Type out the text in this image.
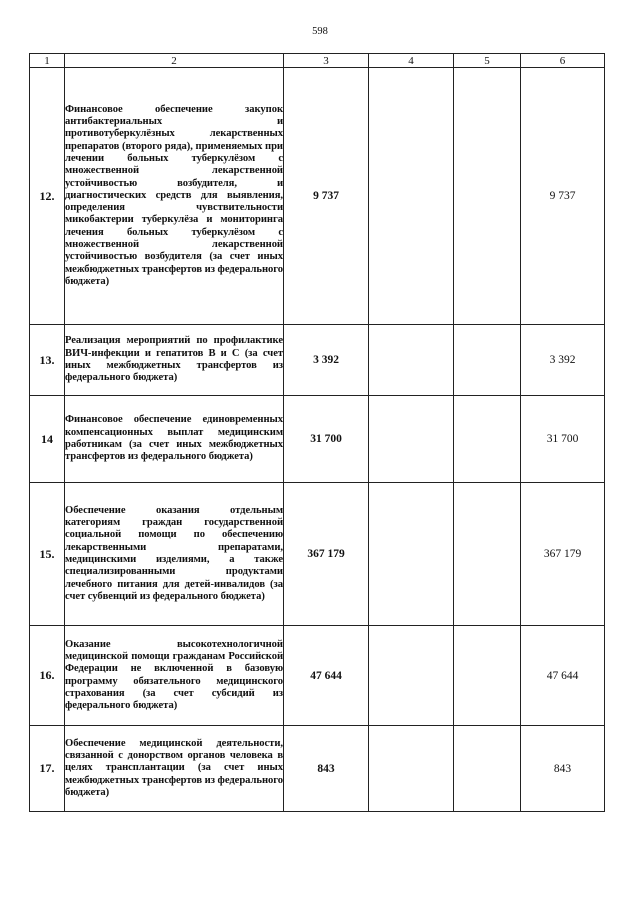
598
1	2	3	4	5	6
12.	Финансовое обеспечение закупок антибактериальных и противотуберкулёзных лекарственных препаратов (второго ряда), применяемых при лечении больных туберкулёзом с множественной лекарственной устойчивостью возбудителя, и диагностических средств для выявления, определения чувствительности микобактерии туберкулёза и мониторинга лечения больных туберкулёзом с множественной лекарственной устойчивостью возбудителя (за счет иных межбюджетных трансфертов из федерального бюджета)	9 737			9 737
13.	Реализация мероприятий по профилактике ВИЧ-инфекции и гепатитов В и С (за счет иных межбюджетных трансфертов из федерального бюджета)	3 392			3 392
14	Финансовое обеспечение единовременных компенсационных выплат медицинским работникам (за счет иных межбюджетных трансфертов из федерального бюджета)	31 700			31 700
15.	Обеспечение оказания отдельным категориям граждан государственной социальной помощи по обеспечению лекарственными препаратами, медицинскими изделиями, а также специализированными продуктами лечебного питания для детей-инвалидов (за счет субвенций из федерального бюджета)	367 179			367 179
16.	Оказание высокотехнологичной медицинской помощи гражданам Российской Федерации не включенной в базовую программу обязательного медицинского страхования (за счет субсидий из федерального бюджета)	47 644			47 644
17.	Обеспечение медицинской деятельности, связанной с донорством органов человека в целях трансплантации (за счет иных межбюджетных трансфертов из федерального бюджета)	843			843
